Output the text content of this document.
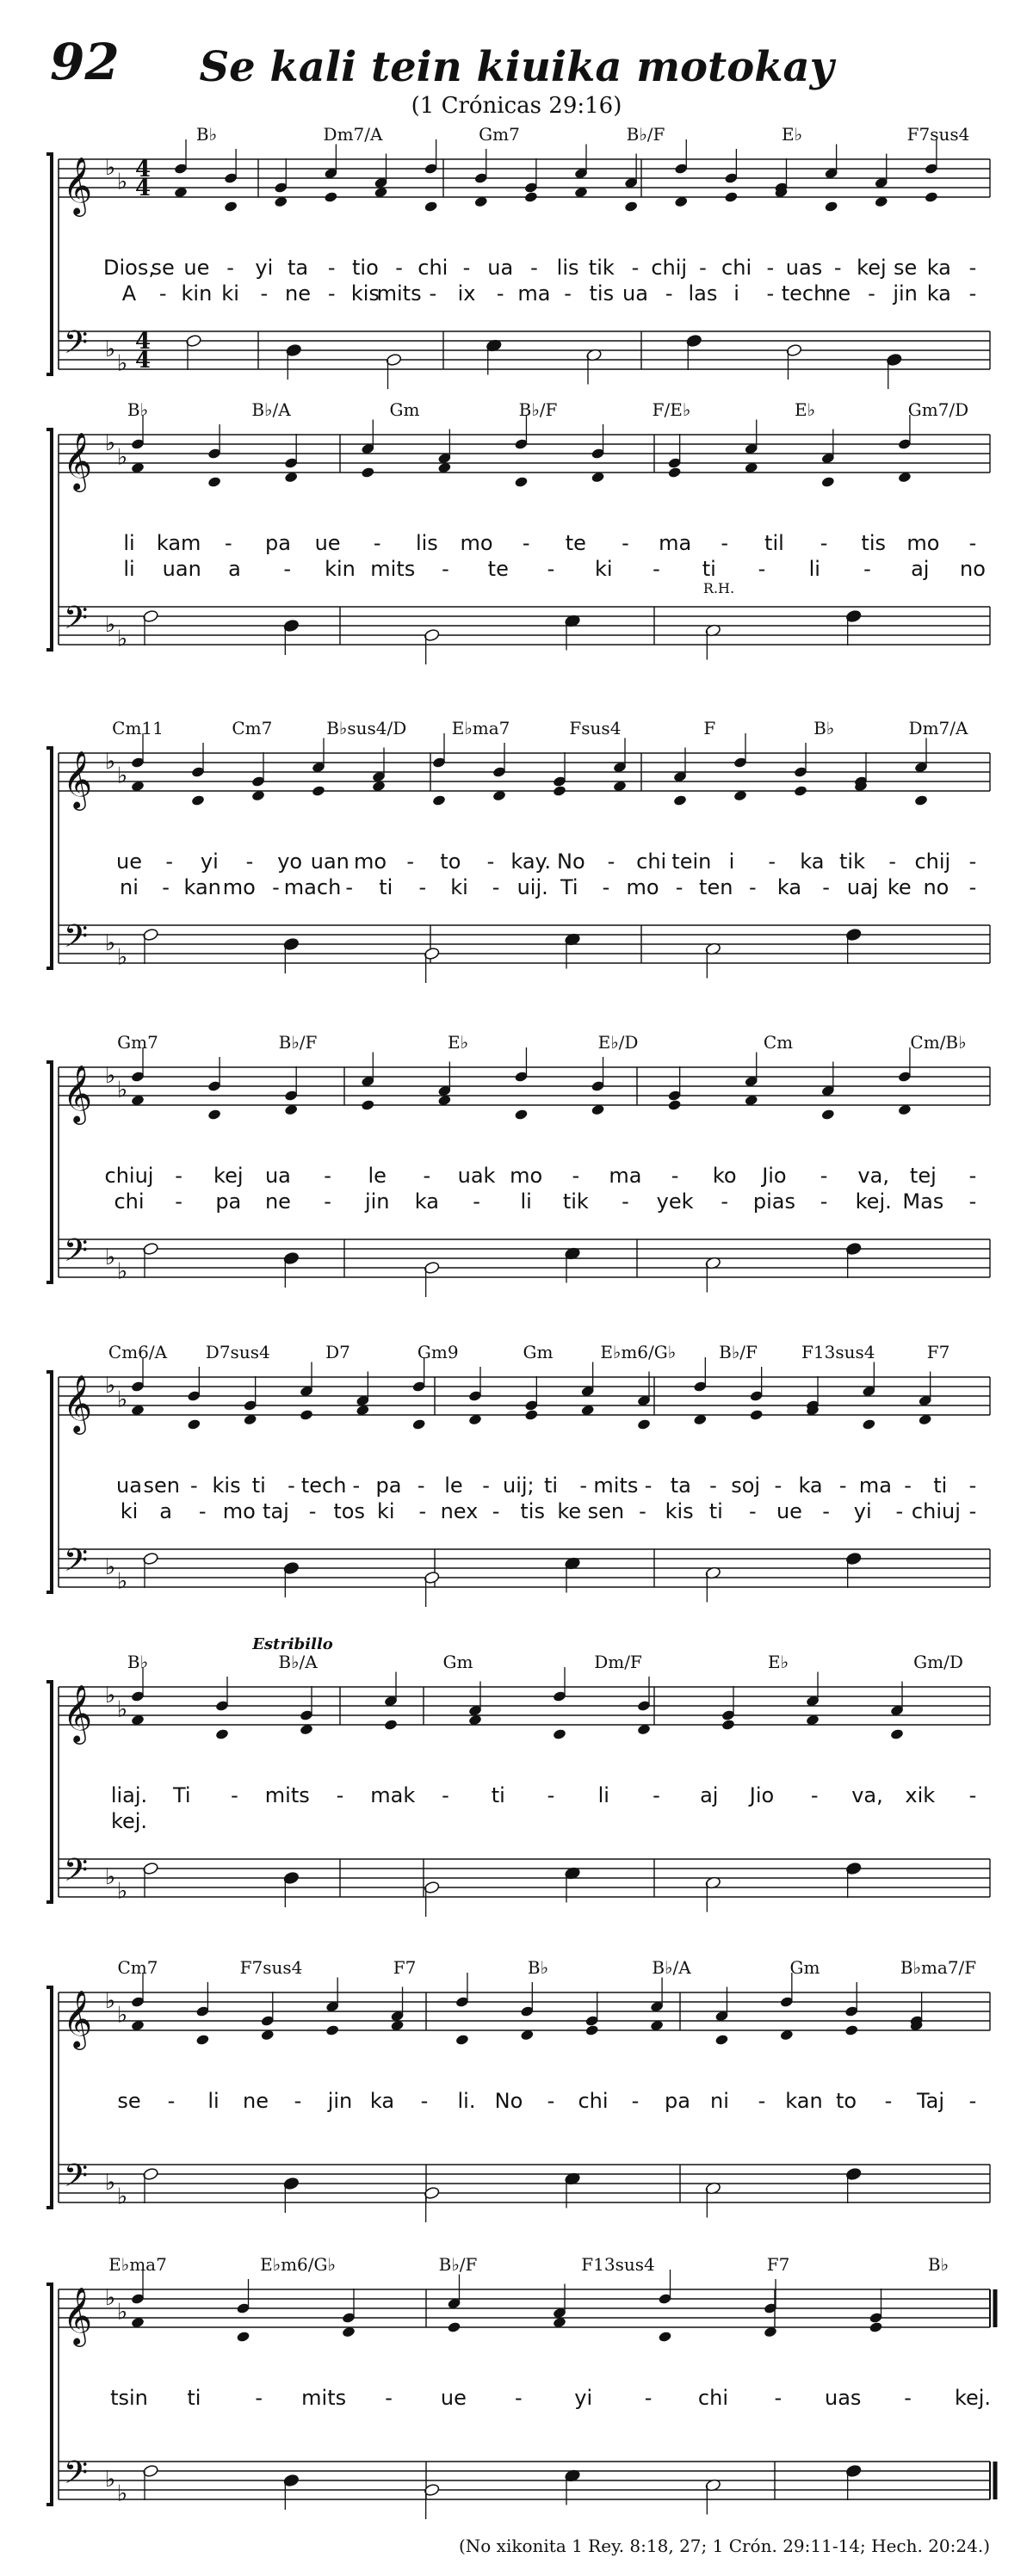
92	Se kali tein kiuika motokay
(1 Crónicas 29:16)
𝄞
𝄢
♭
♭
♭
♭
4
4
4
4
B♭	Dm7/A	Gm7	B♭/F	E♭	F7sus4
Dios,
se ue - yi ta - tio - chi - ua - lis tik - chij - chi - uas - kej se ka -
A - kin ki - ne - kis
mits - ix - ma - tis ua - las i - tech
ne - jin ka -
𝄞
𝄢
♭
♭
♭
♭
B♭	B♭/A	Gm	B♭/F	F/E♭	E♭	Gm7/D
R.H.
li kam - pa ue - lis mo - te - ma - til - tis mo -
li uan a - kin mits - te - ki - ti - li - aj no
𝄞
𝄢
♭
♭
♭
♭
Cm11	Cm7	B♭sus4/D	E♭ma7	Fsus4	F	B♭	Dm7/A
ue - yi - yo uan mo - to - kay. No - chi tein i - ka tik - chij -
ni - kan mo - mach - ti - ki - uij. Ti - mo - ten - ka - uaj ke no -
𝄞
𝄢
♭
♭
♭
♭
Gm7	B♭/F	E♭	E♭/D	Cm	Cm/B♭
chiuj - kej ua - le - uak mo - ma - ko Jio - va, tej -
chi - pa ne - jin ka - li tik - yek - pias - kej. Mas -
𝄞
𝄢
♭
♭
♭
♭
Cm6/A D7sus4	D7	Gm9	Gm	E♭m6/G♭ B♭/F	F13sus4	F7
ua sen - kis ti - tech - pa - le - uij; ti - mits - ta - soj - ka - ma - ti -
ki a - mo taj - tos ki - nex - tis ke sen - kis ti - ue - yi - chiuj -
𝄞
𝄢
♭
♭
♭
♭
B♭	B♭/A	Gm	Dm/F	E♭	Gm/D
Estribillo
liaj. Ti - mits - mak - ti - li - aj Jio - va, xik -
kej.
𝄞
𝄢
♭
♭
♭
♭
Cm7	F7sus4	F7	B♭	B♭/A	Gm	B♭ma7/F
se - li ne - jin ka - li. No - chi - pa ni - kan to - Taj -
𝄞
𝄢
♭
♭
♭
♭
E♭ma7	E♭m6/G♭	B♭/F	F13sus4	F7	B♭
tsin ti	- mits - ue -	yi	- chi - uas - kej.
(No xikonita 1 Rey. 8:18, 27; 1 Crón. 29:11-14; Hech. 20:24.)
